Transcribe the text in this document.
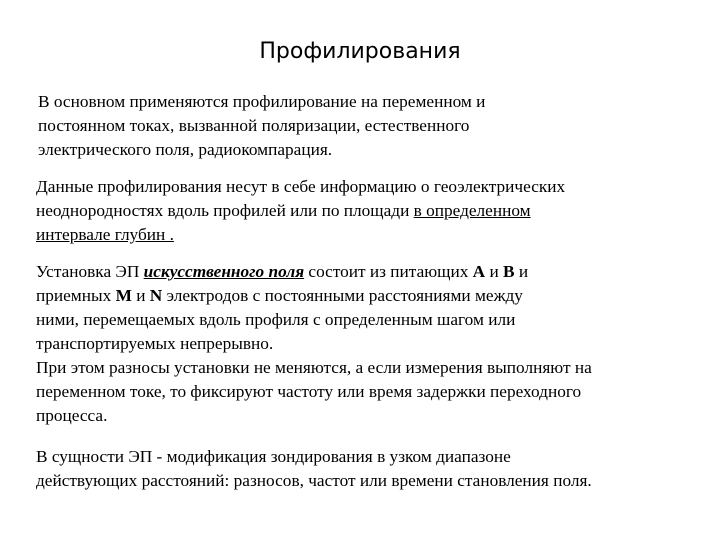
Профилирования
В основном применяются профилирование на переменном и
постоянном токах, вызванной поляризации, естественного
электрического поля, радиокомпарация.
Данные профилирования несут в себе информацию о геоэлектрических
неоднородностях вдоль профилей или по площади в определенном
интервале глубин .
Установка ЭП искусственного поля состоит из питающих А и В и
приемных M и N электродов с постоянными расстояниями между
ними, перемещаемых вдоль профиля с определенным шагом или
транспортируемых непрерывно.
При этом разносы установки не меняются, а если измерения выполняют на
переменном токе, то фиксируют частоту или время задержки переходного
процесса.
В сущности ЭП - модификация зондирования в узком диапазоне
действующих расстояний: разносов, частот или времени становления поля.
